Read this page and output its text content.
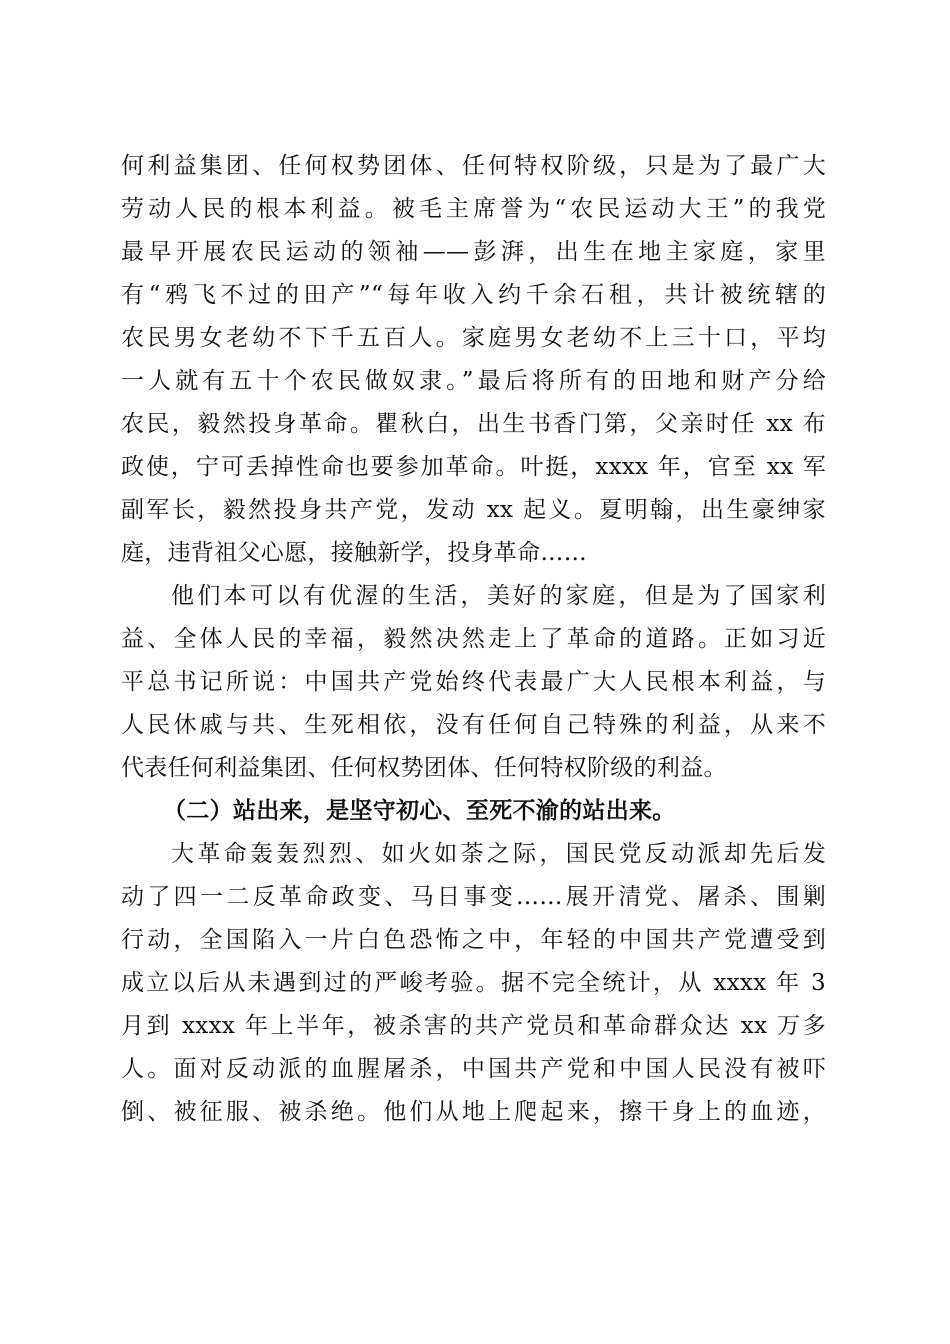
何利益集团、任何权势团体、任何特权阶级，只是为了最广大
劳动人民的根本利益。被毛主席誉为“农民运动大王”的我党
最早开展农民运动的领袖——彭湃，出生在地主家庭，家里
有“鸦飞不过的田产”“每年收入约千余石租，共计被统辖的
农民男女老幼不下千五百人。家庭男女老幼不上三十口，平均
一人就有五十个农民做奴隶。”最后将所有的田地和财产分给
农民，毅然投身革命。瞿秋白，出生书香门第，父亲时任 xx 布
政使，宁可丢掉性命也要参加革命。叶挺，xxxx 年，官至 xx 军
副军长，毅然投身共产党，发动 xx 起义。夏明翰，出生豪绅家
庭，违背祖父心愿，接触新学，投身革命……
他们本可以有优渥的生活，美好的家庭，但是为了国家利
益、全体人民的幸福，毅然决然走上了革命的道路。正如习近
平总书记所说：中国共产党始终代表最广大人民根本利益，与
人民休戚与共、生死相依，没有任何自己特殊的利益，从来不
代表任何利益集团、任何权势团体、任何特权阶级的利益。
（二）站出来，是坚守初心、至死不渝的站出来。
大革命轰轰烈烈、如火如荼之际，国民党反动派却先后发
动了四一二反革命政变、马日事变……展开清党、屠杀、围剿
行动，全国陷入一片白色恐怖之中，年轻的中国共产党遭受到
成立以后从未遇到过的严峻考验。据不完全统计，从 xxxx 年 3
月到 xxxx 年上半年，被杀害的共产党员和革命群众达 xx 万多
人。面对反动派的血腥屠杀，中国共产党和中国人民没有被吓
倒、被征服、被杀绝。他们从地上爬起来，擦干身上的血迹，
